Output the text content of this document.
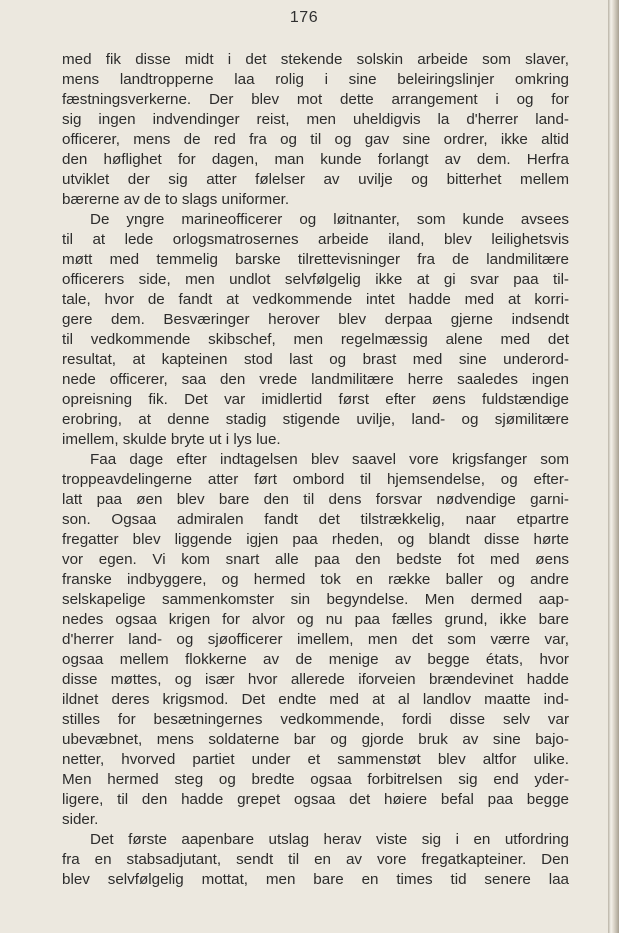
176
med fik disse midt i det stekende solskin arbeide som slaver,
mens landtropperne laa rolig i sine beleiringslinjer omkring
fæstningsverkerne. Der blev mot dette arrangement i og for
sig ingen indvendinger reist, men uheldigvis la d'herrer land-
officerer, mens de red fra og til og gav sine ordrer, ikke altid
den høflighet for dagen, man kunde forlangt av dem. Herfra
utviklet der sig atter følelser av uvilje og bitterhet mellem
bærerne av de to slags uniformer.
De yngre marineofficerer og løitnanter, som kunde avsees
til at lede orlogsmatrosernes arbeide iland, blev leilighetsvis
møtt med temmelig barske tilrettevisninger fra de landmilitære
officerers side, men undlot selvfølgelig ikke at gi svar paa til-
tale, hvor de fandt at vedkommende intet hadde med at korri-
gere dem. Besværinger herover blev derpaa gjerne indsendt
til vedkommende skibschef, men regelmæssig alene med det
resultat, at kapteinen stod last og brast med sine underord-
nede officerer, saa den vrede landmilitære herre saaledes ingen
opreisning fik. Det var imidlertid først efter øens fuldstændige
erobring, at denne stadig stigende uvilje, land- og sjømilitære
imellem, skulde bryte ut i lys lue.
Faa dage efter indtagelsen blev saavel vore krigsfanger som
troppeavdelingerne atter ført ombord til hjemsendelse, og efter-
latt paa øen blev bare den til dens forsvar nødvendige garni-
son. Ogsaa admiralen fandt det tilstrækkelig, naar etpartre
fregatter blev liggende igjen paa rheden, og blandt disse hørte
vor egen. Vi kom snart alle paa den bedste fot med øens
franske indbyggere, og hermed tok en række baller og andre
selskapelige sammenkomster sin begyndelse. Men dermed aap-
nedes ogsaa krigen for alvor og nu paa fælles grund, ikke bare
d'herrer land- og sjøofficerer imellem, men det som værre var,
ogsaa mellem flokkerne av de menige av begge états, hvor
disse møttes, og især hvor allerede iforveien brændevinet hadde
ildnet deres krigsmod. Det endte med at al landlov maatte ind-
stilles for besætningernes vedkommende, fordi disse selv var
ubevæbnet, mens soldaterne bar og gjorde bruk av sine bajo-
netter, hvorved partiet under et sammenstøt blev altfor ulike.
Men hermed steg og bredte ogsaa forbitrelsen sig end yder-
ligere, til den hadde grepet ogsaa det høiere befal paa begge
sider.
Det første aapenbare utslag herav viste sig i en utfordring
fra en stabsadjutant, sendt til en av vore fregatkapteiner. Den
blev selvfølgelig mottat, men bare en times tid senere laa
